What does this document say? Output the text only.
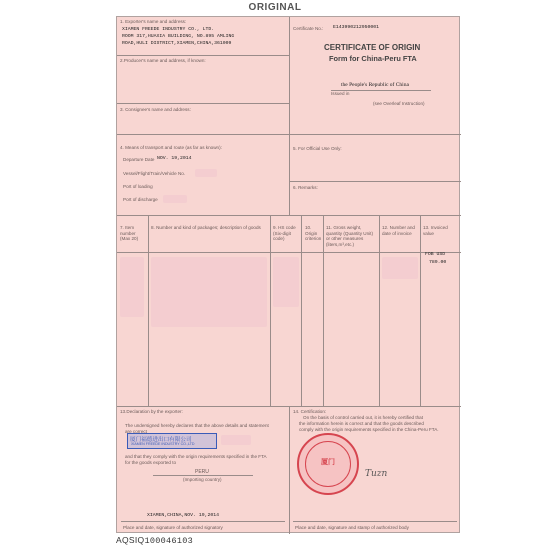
ORIGINAL
1. Exporter's name and address:
XIAMEN FREEDE INDUSTRY CO., LTD.
ROOM 317,HUAXIA BUILDING, NO.895 AMLING
ROAD,HULI DISTRICT,XIAMEN,CHINA,361009
2.Producer's name and address, if known:
3. Consignee's name and address:
4. Means of transport and route (as far as known):
Departure Date NOV. 19,2014
Vessel/Flight/Train/Vehicle No.
Port of loading
Port of discharge
Certificate No.: E143990212950001
CERTIFICATE OF ORIGIN
Form for China-Peru FTA
the People's Republic of China
Issued in
(see Overleaf Instruction)
5. For Official Use Only:
6. Remarks:
7. Item number (Max 20)
8. Number and kind of packages; description of goods	9. HS code (Six-digit code)
10. Origin criterion
11. Gross weight, quantity (Quantity Unit) or other measures (liters,m³,etc.)
12. Number and date of invoice
13. Invoiced value
FOB USD
789.00
13.Declaration by the exporter:
The undersigned hereby declares that the above details and statement
are correct
厦门福德进出口有限公司
XIAMEN FREEDE INDUSTRY CO.,LTD
and that they comply with the origin requirements specified in the FTA
for the goods exported to
PERU
(Importing country)
XIAMEN,CHINA,NOV. 19,2014
Place and date, signature of authorized signatory
14. Certification:
On the basis of control carried out, it is hereby certified that
the information herein is correct and that the goods described
comply with the origin requirements specified in the China-Peru FTA.
厦门
Tuzn
Place and date, signature and stamp of authorized body
AQSIQ100046103
